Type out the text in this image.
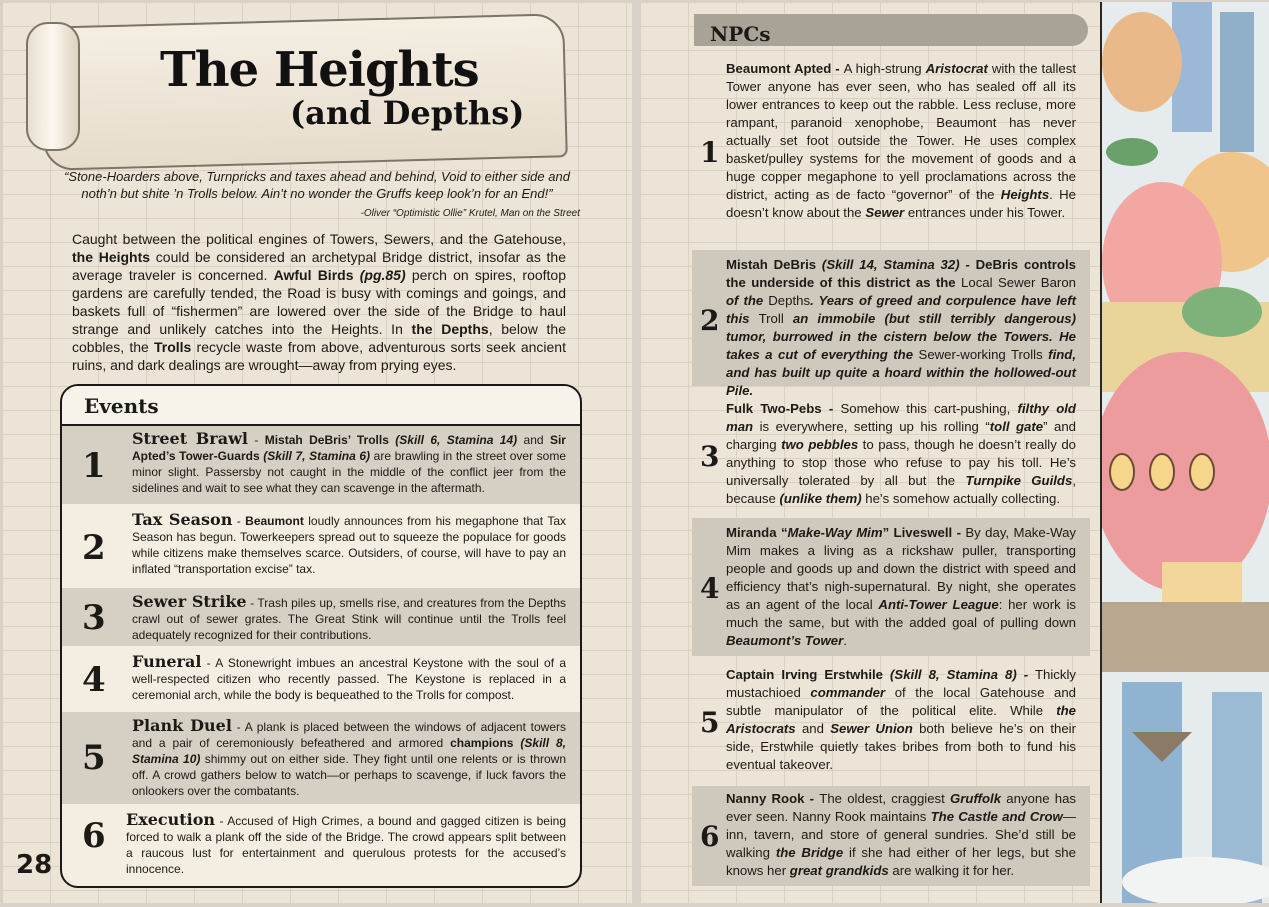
The Heights
(and Depths)
“Stone-Hoarders above, Turnpricks and taxes ahead and behind, Void to either side and noth’n but shite ’n Trolls below. Ain’t no wonder the Gruffs keep look’n for an End!”
-Oliver “Optimistic Ollie” Krutel, Man on the Street
Caught between the political engines of Towers, Sewers, and the Gatehouse, the Heights could be considered an archetypal Bridge district, insofar as the average traveler is concerned. Awful Birds (pg.85) perch on spires, rooftop gardens are carefully tended, the Road is busy with comings and goings, and baskets full of “fishermen” are lowered over the side of the Bridge to haul strange and unlikely catches into the Heights. In the Depths, below the cobbles, the Trolls recycle waste from above, adventurous sorts seek ancient ruins, and dark dealings are wrought—away from prying eyes.
Events
1
Street Brawl - Mistah DeBris’ Trolls (Skill 6, Stamina 14) and Sir Apted’s Tower-Guards (Skill 7, Stamina 6) are brawling in the street over some minor slight. Passersby not caught in the middle of the conflict jeer from the sidelines and wait to see what they can scavenge in the aftermath.
2
Tax Season - Beaumont loudly announces from his megaphone that Tax Season has begun. Towerkeepers spread out to squeeze the populace for goods while citizens make themselves scarce. Outsiders, of course, will have to pay an inflated “transportation excise” tax.
3 Sewer Strike - Trash piles up, smells rise, and creatures from the Depths crawl out of sewer grates. The Great Stink will continue until the Trolls feel adequately recognized for their contributions.
4 Funeral - A Stonewright imbues an ancestral Keystone with the soul of a well-respected citizen who recently passed. The Keystone is replaced in a ceremonial arch, while the body is bequeathed to the Trolls for compost.
5
Plank Duel - A plank is placed between the windows of adjacent towers and a pair of ceremoniously befeathered and armored champions (Skill 8, Stamina 10) shimmy out on either side. They fight until one relents or is thrown off. A crowd gathers below to watch—or perhaps to scavenge, if luck favors the onlookers over the combatants.
6 Execution - Accused of High Crimes, a bound and gagged citizen is being forced to walk a plank off the side of the Bridge. The crowd appears split between a raucous lust for entertainment and querulous protests for the accused’s innocence.
28
NPCs
1
Beaumont Apted - A high-strung Aristocrat with the tallest Tower anyone has ever seen, who has sealed off all its lower entrances to keep out the rabble. Less recluse, more rampant, paranoid xenophobe, Beaumont has never actually set foot outside the Tower. He uses complex basket/pulley systems for the movement of goods and a huge copper megaphone to yell proclamations across the district, acting as de facto “governor” of the Heights. He doesn’t know about the Sewer entrances under his Tower.
2
Mistah DeBris (Skill 14, Stamina 32) - DeBris controls the underside of this district as the Local Sewer Baron of the Depths. Years of greed and corpulence have left this Troll an immobile (but still terribly dangerous) tumor, burrowed in the cistern below the Towers. He takes a cut of everything the Sewer-working Trolls find, and has built up quite a hoard within the hollowed-out Pile.
3
Fulk Two-Pebs - Somehow this cart-pushing, filthy old man is everywhere, setting up his rolling “toll gate” and charging two pebbles to pass, though he doesn’t really do anything to stop those who refuse to pay his toll. He’s universally tolerated by all but the Turnpike Guilds, because (unlike them) he’s somehow actually collecting.
4
Miranda “Make-Way Mim” Liveswell - By day, Make-Way Mim makes a living as a rickshaw puller, transporting people and goods up and down the district with speed and efficiency that’s nigh-supernatural. By night, she operates as an agent of the local Anti-Tower League: her work is much the same, but with the added goal of pulling down Beaumont’s Tower.
5
Captain Irving Erstwhile (Skill 8, Stamina 8) - Thickly mustachioed commander of the local Gatehouse and subtle manipulator of the political elite. While the Aristocrats and Sewer Union both believe he’s on their side, Erstwhile quietly takes bribes from both to fund his eventual takeover.
6
Nanny Rook - The oldest, craggiest Gruffolk anyone has ever seen. Nanny Rook maintains The Castle and Crow—inn, tavern, and store of general sundries. She’d still be walking the Bridge if she had either of her legs, but she knows her great grandkids are walking it for her.
